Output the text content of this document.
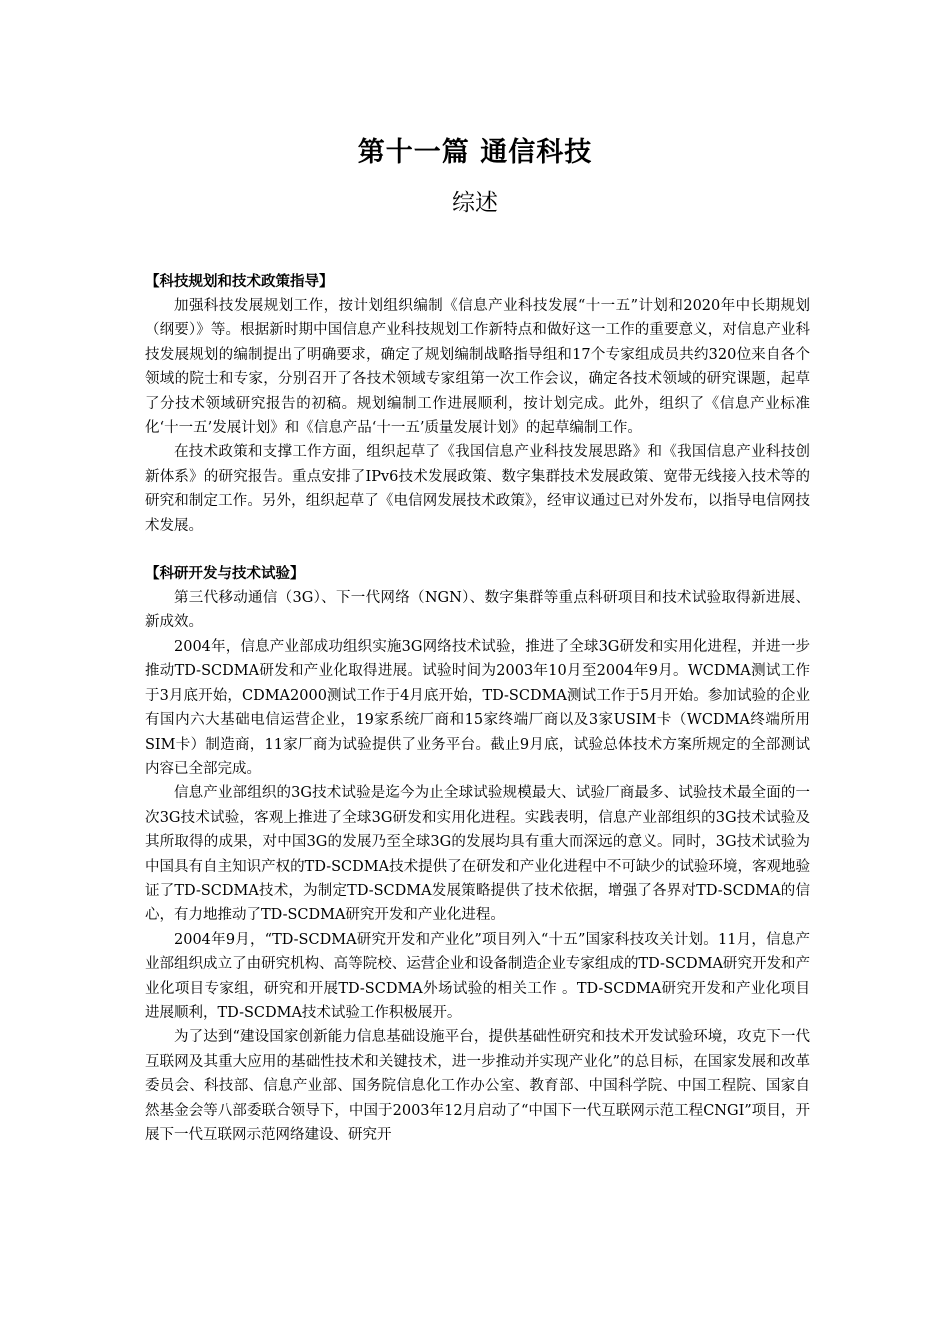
第十一篇 通信科技
综述

【科技规划和技术政策指导】

加强科技发展规划工作，按计划组织编制《信息产业科技发展“十一五”计划和2020年中长期规划（纲要）》等。根据新时期中国信息产业科技规划工作新特点和做好这一工作的重要意义，对信息产业科技发展规划的编制提出了明确要求，确定了规划编制战略指导组和17个专家组成员共约320位来自各个领域的院士和专家，分别召开了各技术领域专家组第一次工作会议，确定各技术领域的研究课题，起草了分技术领域研究报告的初稿。规划编制工作进展顺利，按计划完成。此外，组织了《信息产业标准化‘十一五’发展计划》和《信息产品‘十一五’质量发展计划》的起草编制工作。

在技术政策和支撑工作方面，组织起草了《我国信息产业科技发展思路》和《我国信息产业科技创新体系》的研究报告。重点安排了IPv6技术发展政策、数字集群技术发展政策、宽带无线接入技术等的研究和制定工作。另外，组织起草了《电信网发展技术政策》，经审议通过已对外发布，以指导电信网技术发展。

【科研开发与技术试验】

第三代移动通信（3G）、下一代网络（NGN）、数字集群等重点科研项目和技术试验取得新进展、新成效。

2004年，信息产业部成功组织实施3G网络技术试验，推进了全球3G研发和实用化进程，并进一步推动TD-SCDMA研发和产业化取得进展。试验时间为2003年10月至2004年9月。WCDMA测试工作于3月底开始，CDMA2000测试工作于4月底开始，TD-SCDMA测试工作于5月开始。参加试验的企业有国内六大基础电信运营企业，19家系统厂商和15家终端厂商以及3家USIM卡（WCDMA终端所用SIM卡）制造商，11家厂商为试验提供了业务平台。截止9月底，试验总体技术方案所规定的全部测试内容已全部完成。

信息产业部组织的3G技术试验是迄今为止全球试验规模最大、试验厂商最多、试验技术最全面的一次3G技术试验，客观上推进了全球3G研发和实用化进程。实践表明，信息产业部组织的3G技术试验及其所取得的成果，对中国3G的发展乃至全球3G的发展均具有重大而深远的意义。同时，3G技术试验为中国具有自主知识产权的TD-SCDMA技术提供了在研发和产业化进程中不可缺少的试验环境，客观地验证了TD-SCDMA技术，为制定TD-SCDMA发展策略提供了技术依据，增强了各界对TD-SCDMA的信心，有力地推动了TD-SCDMA研究开发和产业化进程。

2004年9月，“TD-SCDMA研究开发和产业化”项目列入“十五”国家科技攻关计划。11月，信息产业部组织成立了由研究机构、高等院校、运营企业和设备制造企业专家组成的TD-SCDMA研究开发和产业化项目专家组，研究和开展TD-SCDMA外场试验的相关工作 。TD-SCDMA研究开发和产业化项目进展顺利，TD-SCDMA技术试验工作积极展开。

为了达到“建设国家创新能力信息基础设施平台，提供基础性研究和技术开发试验环境，攻克下一代互联网及其重大应用的基础性技术和关键技术，进一步推动并实现产业化”的总目标，在国家发展和改革委员会、科技部、信息产业部、国务院信息化工作办公室、教育部、中国科学院、中国工程院、国家自然基金会等八部委联合领导下，中国于2003年12月启动了“中国下一代互联网示范工程CNGI”项目，开展下一代互联网示范网络建设、研究开
